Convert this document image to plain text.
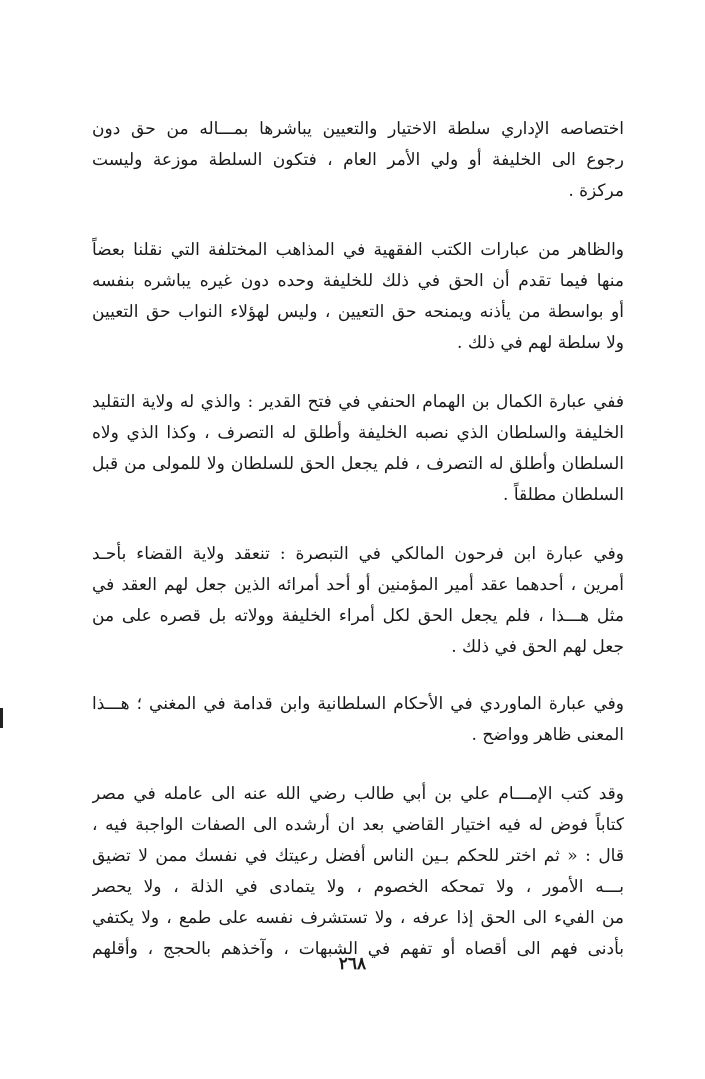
اختصاصه الإداري سلطة الاختيار والتعيين يباشرها بمـــاله من حق دون
رجوع الى الخليفة أو ولي الأمر العام ، فتكون السلطة موزعة وليست
مركزة .
والظاهر من عبارات الكتب الفقهية في المذاهب المختلفة التي نقلنا بعضاً
منها فيما تقدم أن الحق في ذلك للخليفة وحده دون غيره يباشره بنفسه
أو بواسطة من يأذنه ويمنحه حق التعيين ، وليس لهؤلاء النواب حق التعيين
ولا سلطة لهم في ذلك .
ففي عبارة الكمال بن الهمام الحنفي في فتح القدير : والذي له ولاية التقليد
الخليفة والسلطان الذي نصبه الخليفة وأطلق له التصرف ، وكذا الذي ولاه
السلطان وأطلق له التصرف ، فلم يجعل الحق للسلطان ولا للمولى من قبل
السلطان مطلقاً .
وفي عبارة ابن فرحون المالكي في التبصرة : تنعقد ولاية القضاء بأحـد
أمرين ، أحدهما عقد أمير المؤمنين أو أحد أمرائه الذين جعل لهم العقد في
مثل هـــذا ، فلم يجعل الحق لكل أمراء الخليفة وولاته بل قصره على من
جعل لهم الحق في ذلك .
وفي عبارة الماوردي في الأحكام السلطانية وابن قدامة في المغني ؛ هـــذا
المعنى ظاهر وواضح .
وقد كتب الإمـــام علي بن أبي طالب رضي الله عنه الى عامله في مصر
كتاباً فوض له فيه اختيار القاضي بعد ان أرشده الى الصفات الواجبة فيه ،
قال : « ثم اختر للحكم بـين الناس أفضل رعيتك في نفسك ممن لا تضيق
بـــه الأمور ، ولا تمحكه الخصوم ، ولا يتمادى في الذلة ، ولا يحصر
من الفيء الى الحق إذا عرفه ، ولا تستشرف نفسه على طمع ، ولا يكتفي
بأدنى فهم الى أقصاه أو تفهم في الشبهات ، وآخذهم بالحجج ، وأقلهم
٢٦٨
